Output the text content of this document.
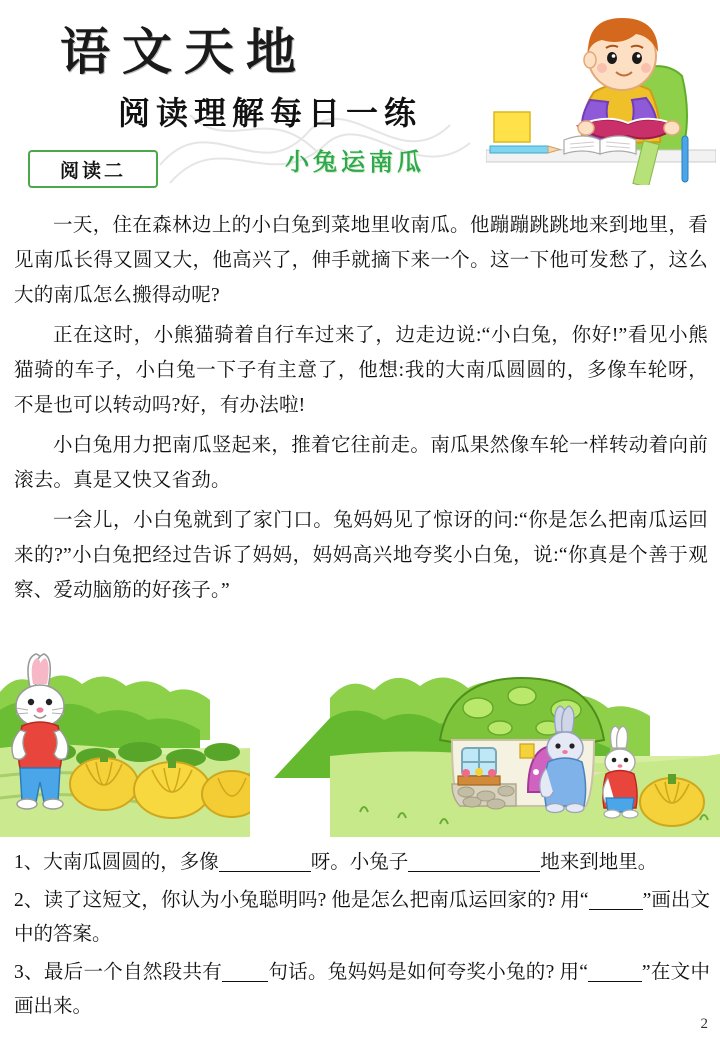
语文天地
阅读理解每日一练
小兔运南瓜
阅读二

一天，住在森林边上的小白兔到菜地里收南瓜。他蹦蹦跳跳地来到地里，看见南瓜长得又圆又大，他高兴了，伸手就摘下来一个。这一下他可发愁了，这么大的南瓜怎么搬得动呢?

正在这时，小熊猫骑着自行车过来了，边走边说:“小白兔，你好!”看见小熊猫骑的车子，小白兔一下子有主意了，他想:我的大南瓜圆圆的，多像车轮呀，不是也可以转动吗?好，有办法啦!

小白兔用力把南瓜竖起来，推着它往前走。南瓜果然像车轮一样转动着向前滚去。真是又快又省劲。

一会儿，小白兔就到了家门口。兔妈妈见了惊讶的问:“你是怎么把南瓜运回来的?”小白兔把经过告诉了妈妈，妈妈高兴地夸奖小白兔，说:“你真是个善于观察、爱动脑筋的好孩子。”

1、大南瓜圆圆的，多像	呀。小兔子	地来到地里。

2、读了这短文，你认为小兔聪明吗? 他是怎么把南瓜运回家的? 用“	”画出文中的答案。

3、最后一个自然段共有 句话。兔妈妈是如何夸奖小兔的? 用“	”在文中画出来。

2
